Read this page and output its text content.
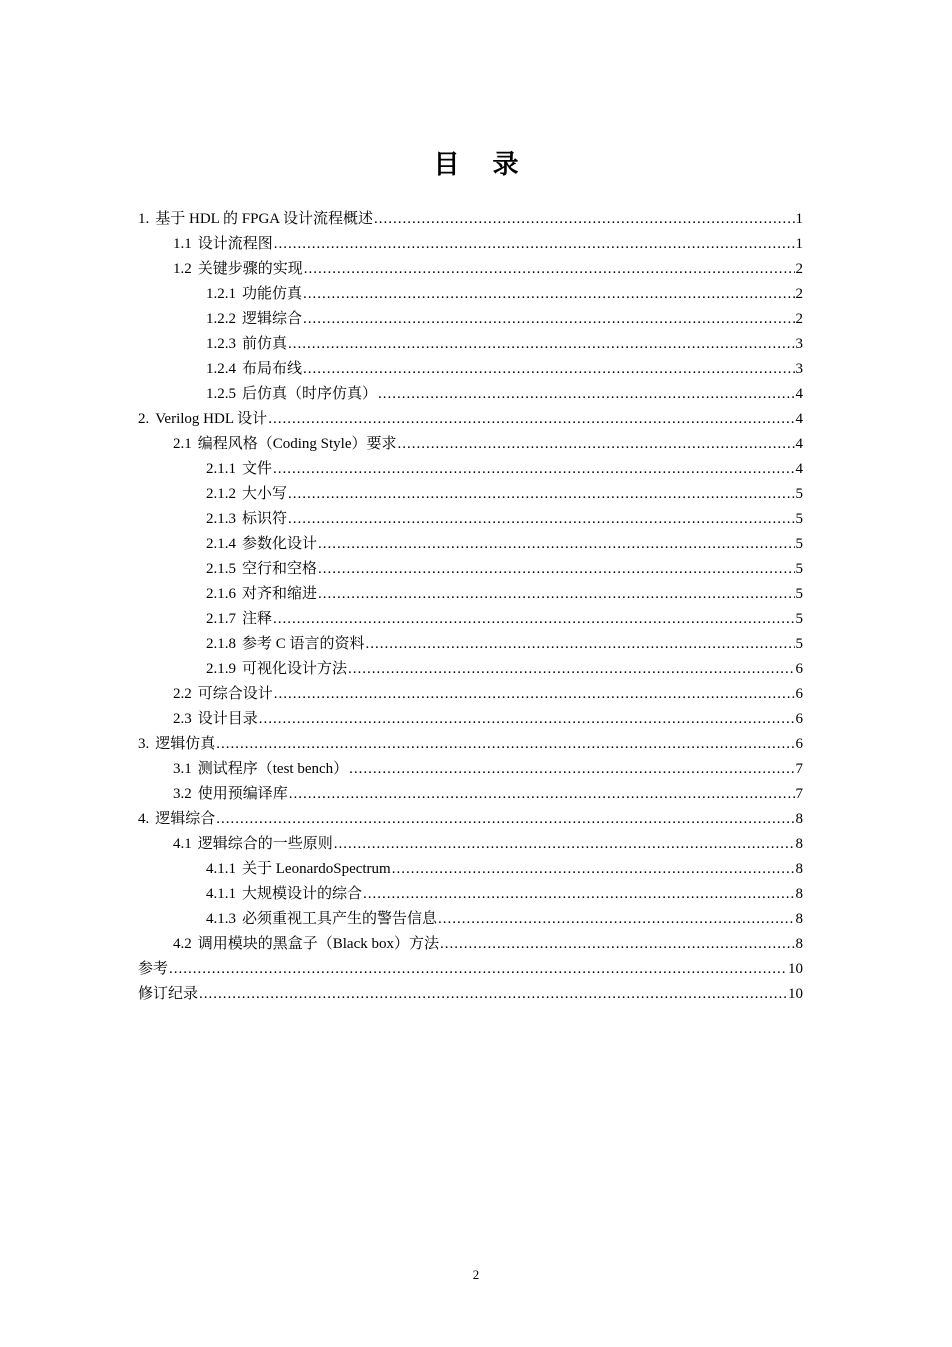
目 录
1. 基于 HDL 的 FPGA 设计流程概述 .....	1
1.1 设计流程图 .....	1
1.2 关键步骤的实现 .....	2
1.2.1 功能仿真 .....	2
1.2.2 逻辑综合 .....	2
1.2.3 前仿真 .....	3
1.2.4 布局布线 .....	3
1.2.5 后仿真（时序仿真） .....	4
2. Verilog HDL 设计 .....	4
2.1 编程风格（Coding Style）要求 .....	4
2.1.1 文件 .....	4
2.1.2 大小写 .....	5
2.1.3 标识符 .....	5
2.1.4 参数化设计 .....	5
2.1.5 空行和空格 .....	5
2.1.6 对齐和缩进 .....	5
2.1.7 注释 .....	5
2.1.8 参考 C 语言的资料 .....	5
2.1.9 可视化设计方法 .....	6
2.2 可综合设计 .....	6
2.3 设计目录 .....	6
3. 逻辑仿真 .....	6
3.1 测试程序（test bench） .....	7
3.2 使用预编译库 .....	7
4. 逻辑综合 .....	8
4.1 逻辑综合的一些原则 .....	8
4.1.1 关于 LeonardoSpectrum .....	8
4.1.1 大规模设计的综合 .....	8
4.1.3 必须重视工具产生的警告信息 .....	8
4.2 调用模块的黑盒子（Black box）方法 .....	8
参考 .....	10
修订纪录 .....	10
2
